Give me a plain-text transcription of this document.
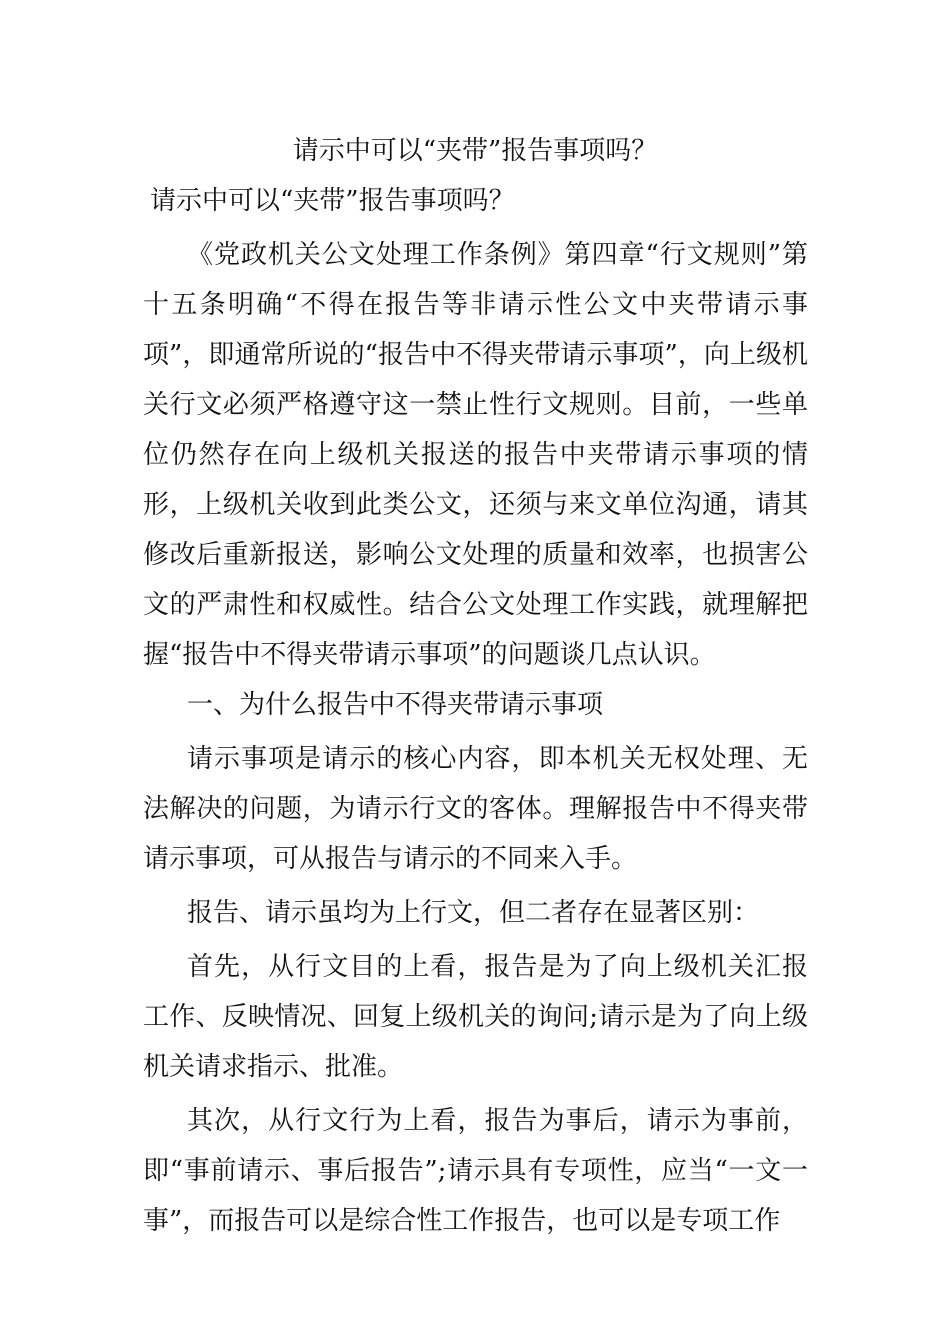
请示中可以“夹带”报告事项吗？
请示中可以“夹带”报告事项吗？

《党政机关公文处理工作条例》第四章“行文规则”第十五条明确“不得在报告等非请示性公文中夹带请示事项”，即通常所说的“报告中不得夹带请示事项”，向上级机关行文必须严格遵守这一禁止性行文规则。目前，一些单位仍然存在向上级机关报送的报告中夹带请示事项的情形，上级机关收到此类公文，还须与来文单位沟通，请其修改后重新报送，影响公文处理的质量和效率，也损害公文的严肃性和权威性。结合公文处理工作实践，就理解把握“报告中不得夹带请示事项”的问题谈几点认识。

一、为什么报告中不得夹带请示事项

请示事项是请示的核心内容，即本机关无权处理、无法解决的问题，为请示行文的客体。理解报告中不得夹带请示事项，可从报告与请示的不同来入手。

报告、请示虽均为上行文，但二者存在显著区别：

首先，从行文目的上看，报告是为了向上级机关汇报工作、反映情况、回复上级机关的询问;请示是为了向上级机关请求指示、批准。

其次，从行文行为上看，报告为事后，请示为事前，即“事前请示、事后报告”;请示具有专项性，应当“一文一事”，而报告可以是综合性工作报告，也可以是专项工作
